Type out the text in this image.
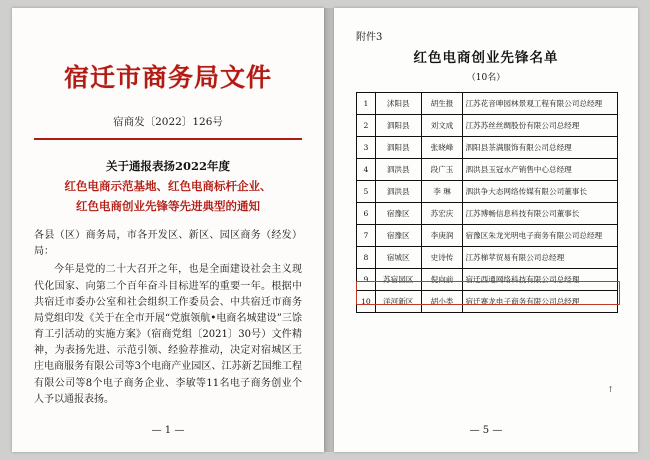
宿迁市商务局文件
宿商发〔2022〕126号
关于通报表扬2022年度
红色电商示范基地、红色电商标杆企业、
红色电商创业先锋等先进典型的通知

各县（区）商务局，市各开发区、新区、园区商务（经发）局：

今年是党的二十大召开之年，也是全面建设社会主义现代化国家、向第二个百年奋斗目标进军的重要一年。根据中共宿迁市委办公室和社会组织工作委员会、中共宿迁市商务局党组印发《关于在全市开展“党旗领航•电商名城建设”三馀育工引活动的实施方案》（宿商党组〔2021〕30号）文件精神，为表扬先进、示范引领、经验荐推动，决定对宿城区王庄电商服务有限公司等3个电商产业园区、江苏新艺国维工程有限公司等8个电子商务企业、李敏等11名电子商务创业个人予以通报表扬。

— 1 —
附件3
红色电商创业先锋名单
（10名）
1	沭阳县	胡生报	江苏花音呻园林景观工程有限公司总经理
2	泗阳县	刘文成	江苏苏丝丝绸股份有限公司总经理
3	泗阳县	张晓峰	泗阳县茶满服饰有限公司总经理
4	泗洪县	段广玉	泗洪县玉冠水产销售中心总经理
5	泗洪县	李 琳	泗洪争大态网络传媒有限公司董事长
6	宿豫区	苏宏庆	江苏博畅信息科技有限公司董事长
7	宿豫区	李庚润	宿豫区朱龙光明电子商务有限公司总经理
8	宿城区	史诗传	江苏梯苹贸易有限公司总经理
9	苏宿园区	倪向前	宿迁西通网络科技有限公司总经理
10	洋河新区	胡小类	宿迁赛龙电子商务有限公司总经理
↑
— 5 —
